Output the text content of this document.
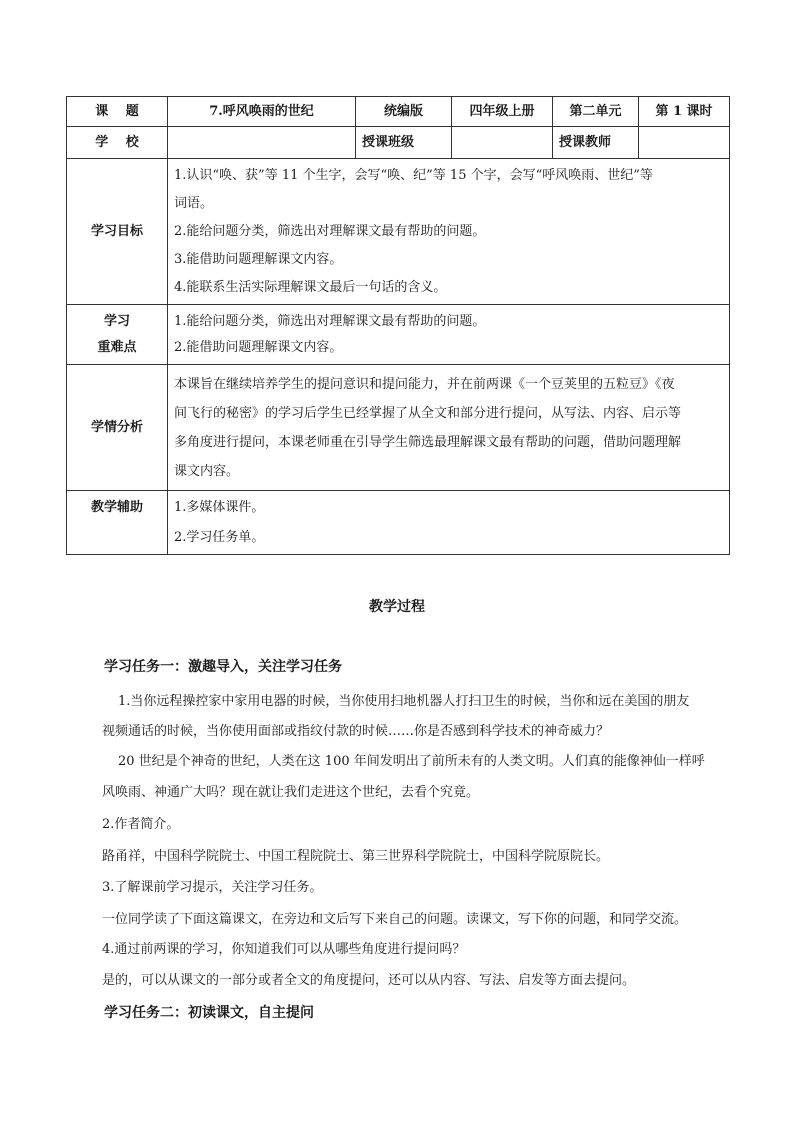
课　 题	7.呼风唤雨的世纪	统编版	四年级上册	第二单元	第 1 课时
学　 校		授课班级		授课教师	
学习目标	1.认识“唤、获”等 11 个生字，会写“唤、纪”等 15 个字，会写“呼风唤雨、世纪”等
词语。
2.能给问题分类，筛选出对理解课文最有帮助的问题。
3.能借助问题理解课文内容。
4.能联系生活实际理解课文最后一句话的含义。				

学习
重难点	1.能给问题分类，筛选出对理解课文最有帮助的问题。
2.能借助问题理解课文内容。				

学情分析	本课旨在继续培养学生的提问意识和提问能力，并在前两课《一个豆荚里的五粒豆》《夜
间飞行的秘密》的学习后学生已经掌握了从全文和部分进行提问，从写法、内容、启示等
多角度进行提问，本课老师重在引导学生筛选最理解课文最有帮助的问题，借助问题理解
课文内容。				

教学辅助	1.多媒体课件。
2.学习任务单。				
教学过程
学习任务一：激趣导入，关注学习任务
1.当你远程操控家中家用电器的时候，当你使用扫地机器人打扫卫生的时候，当你和远在美国的朋友
视频通话的时候，当你使用面部或指纹付款的时候……你是否感到科学技术的神奇威力？
20 世纪是个神奇的世纪，人类在这 100 年间发明出了前所未有的人类文明。人们真的能像神仙一样呼
风唤雨、神通广大吗？现在就让我们走进这个世纪，去看个究竟。
2.作者简介。
路甬祥，中国科学院院士、中国工程院院士、第三世界科学院院士，中国科学院原院长。
3.了解课前学习提示，关注学习任务。
一位同学读了下面这篇课文，在旁边和文后写下来自己的问题。读课文，写下你的问题，和同学交流。
4.通过前两课的学习，你知道我们可以从哪些角度进行提问吗？
是的，可以从课文的一部分或者全文的角度提问，还可以从内容、写法、启发等方面去提问。
学习任务二：初读课文，自主提问
